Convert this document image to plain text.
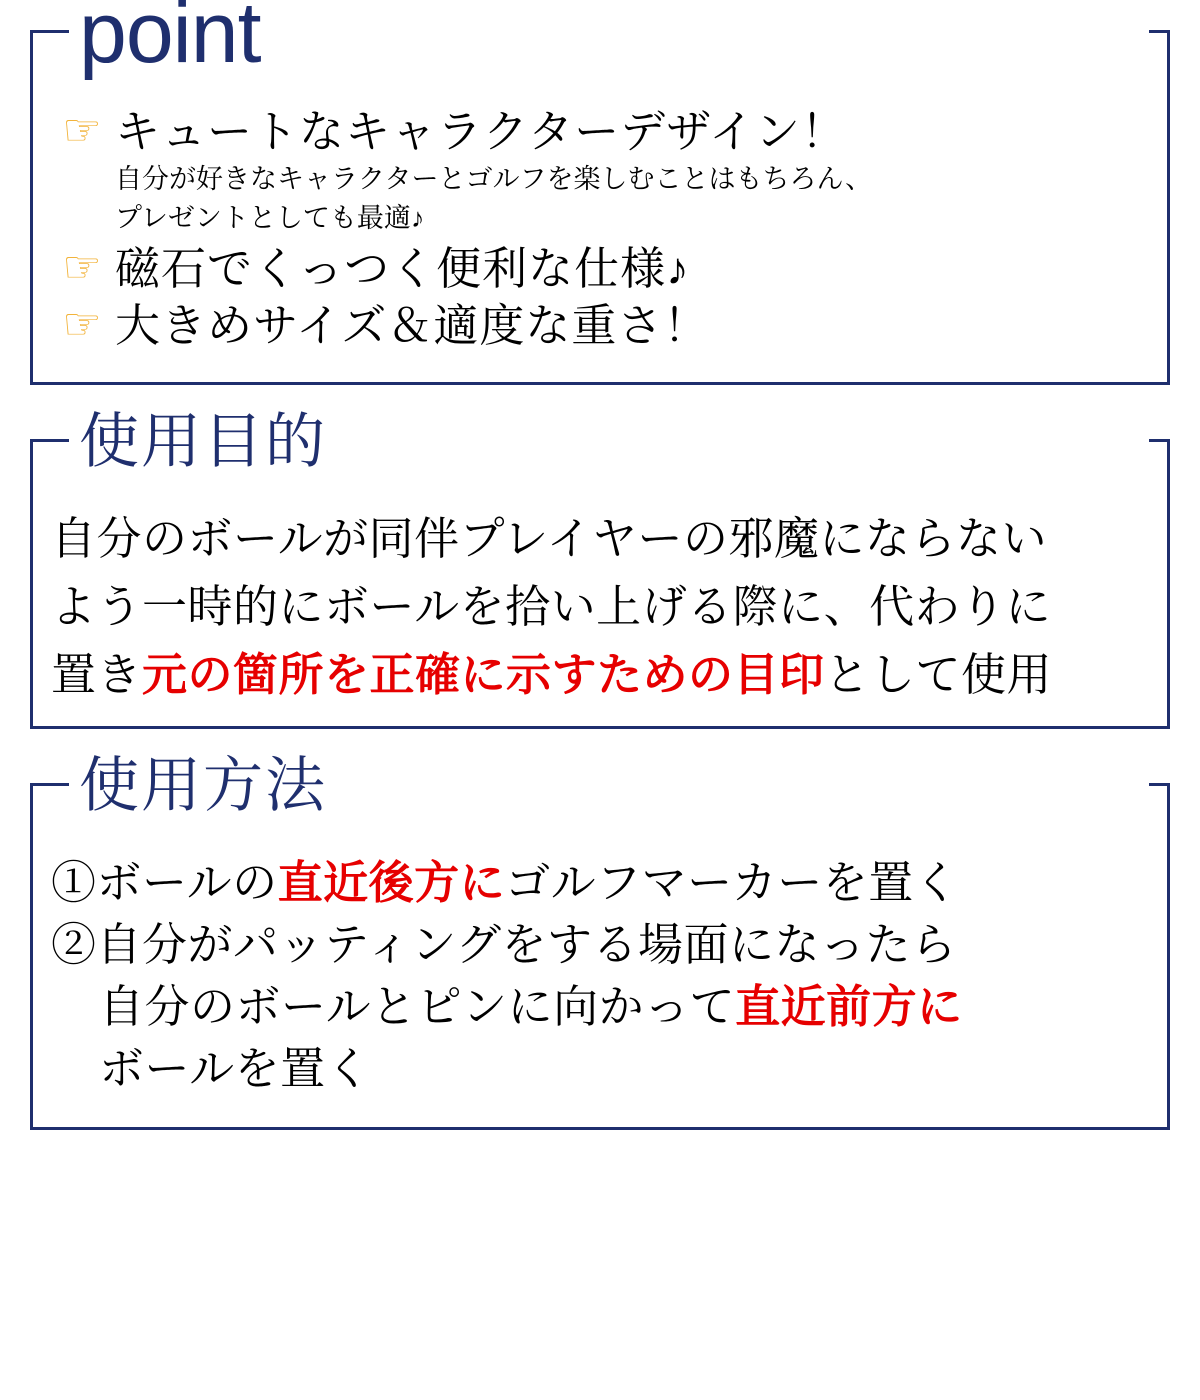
point
☞ キュートなキャラクターデザイン！
自分が好きなキャラクターとゴルフを楽しむことはもちろん、
プレゼントとしても最適♪
☞ 磁石でくっつく便利な仕様♪
☞ 大きめサイズ＆適度な重さ！
使用目的

自分のボールが同伴プレイヤーの邪魔にならない

よう一時的にボールを拾い上げる際に、代わりに

置き元の箇所を正確に示すための目印として使用

使用方法

①ボールの直近後方にゴルフマーカーを置く

②自分がパッティングをする場面になったら

自分のボールとピンに向かって直近前方に

ボールを置く
